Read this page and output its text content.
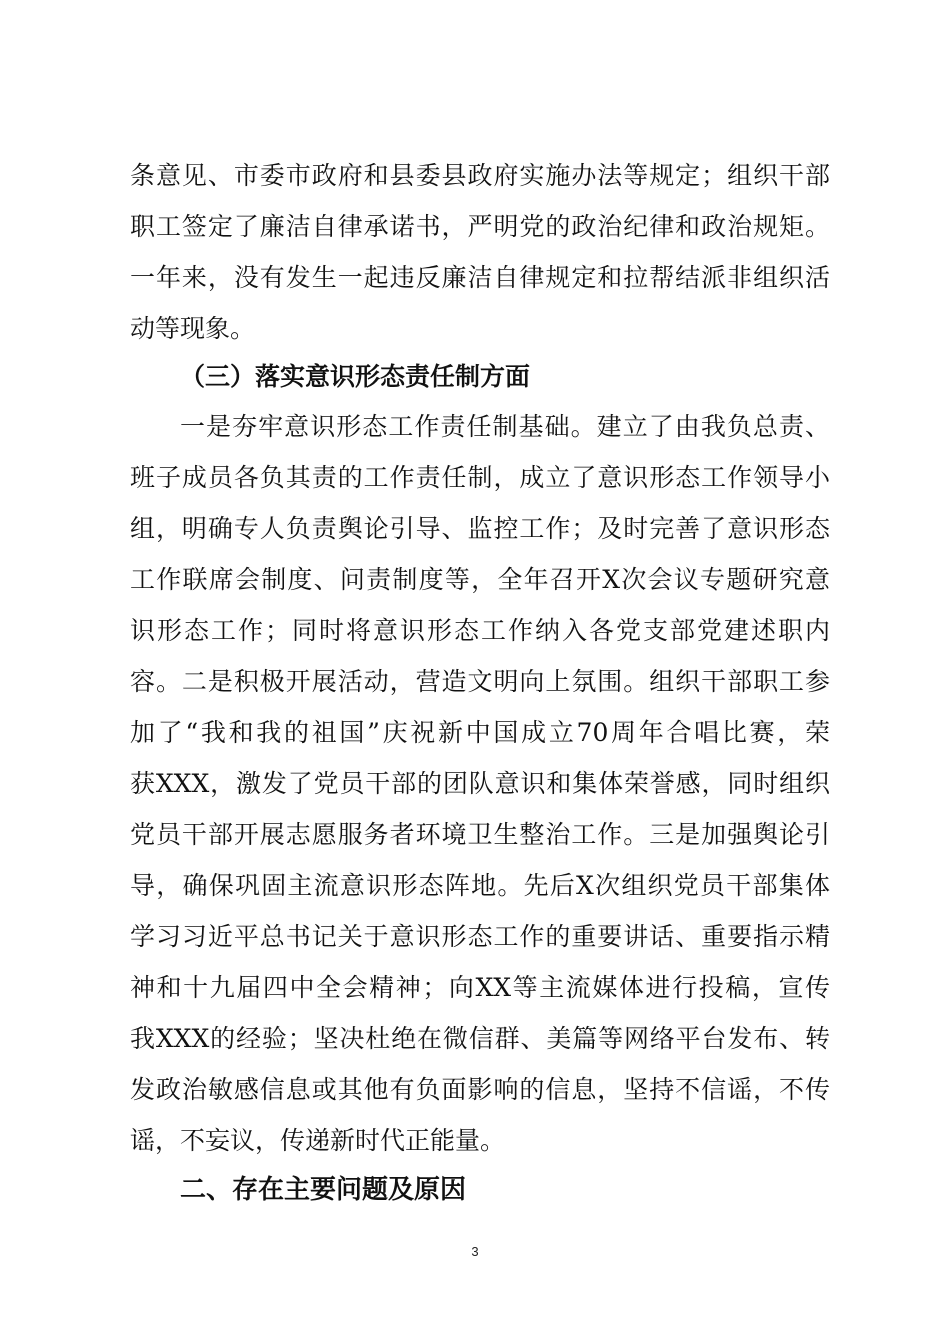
条意见、市委市政府和县委县政府实施办法等规定；组织干部
职工签定了廉洁自律承诺书，严明党的政治纪律和政治规矩。
一年来，没有发生一起违反廉洁自律规定和拉帮结派非组织活
动等现象。
（三）落实意识形态责任制方面
一是夯牢意识形态工作责任制基础。建立了由我负总责、
班子成员各负其责的工作责任制，成立了意识形态工作领导小
组，明确专人负责舆论引导、监控工作；及时完善了意识形态
工作联席会制度、问责制度等，全年召开X次会议专题研究意
识形态工作；同时将意识形态工作纳入各党支部党建述职内
容。二是积极开展活动，营造文明向上氛围。组织干部职工参
加了“我和我的祖国”庆祝新中国成立70周年合唱比赛，荣
获XXX，激发了党员干部的团队意识和集体荣誉感，同时组织
党员干部开展志愿服务者环境卫生整治工作。三是加强舆论引
导，确保巩固主流意识形态阵地。先后X次组织党员干部集体
学习习近平总书记关于意识形态工作的重要讲话、重要指示精
神和十九届四中全会精神；向XX等主流媒体进行投稿，宣传
我XXX的经验；坚决杜绝在微信群、美篇等网络平台发布、转
发政治敏感信息或其他有负面影响的信息，坚持不信谣，不传
谣，不妄议，传递新时代正能量。
二、存在主要问题及原因
3
